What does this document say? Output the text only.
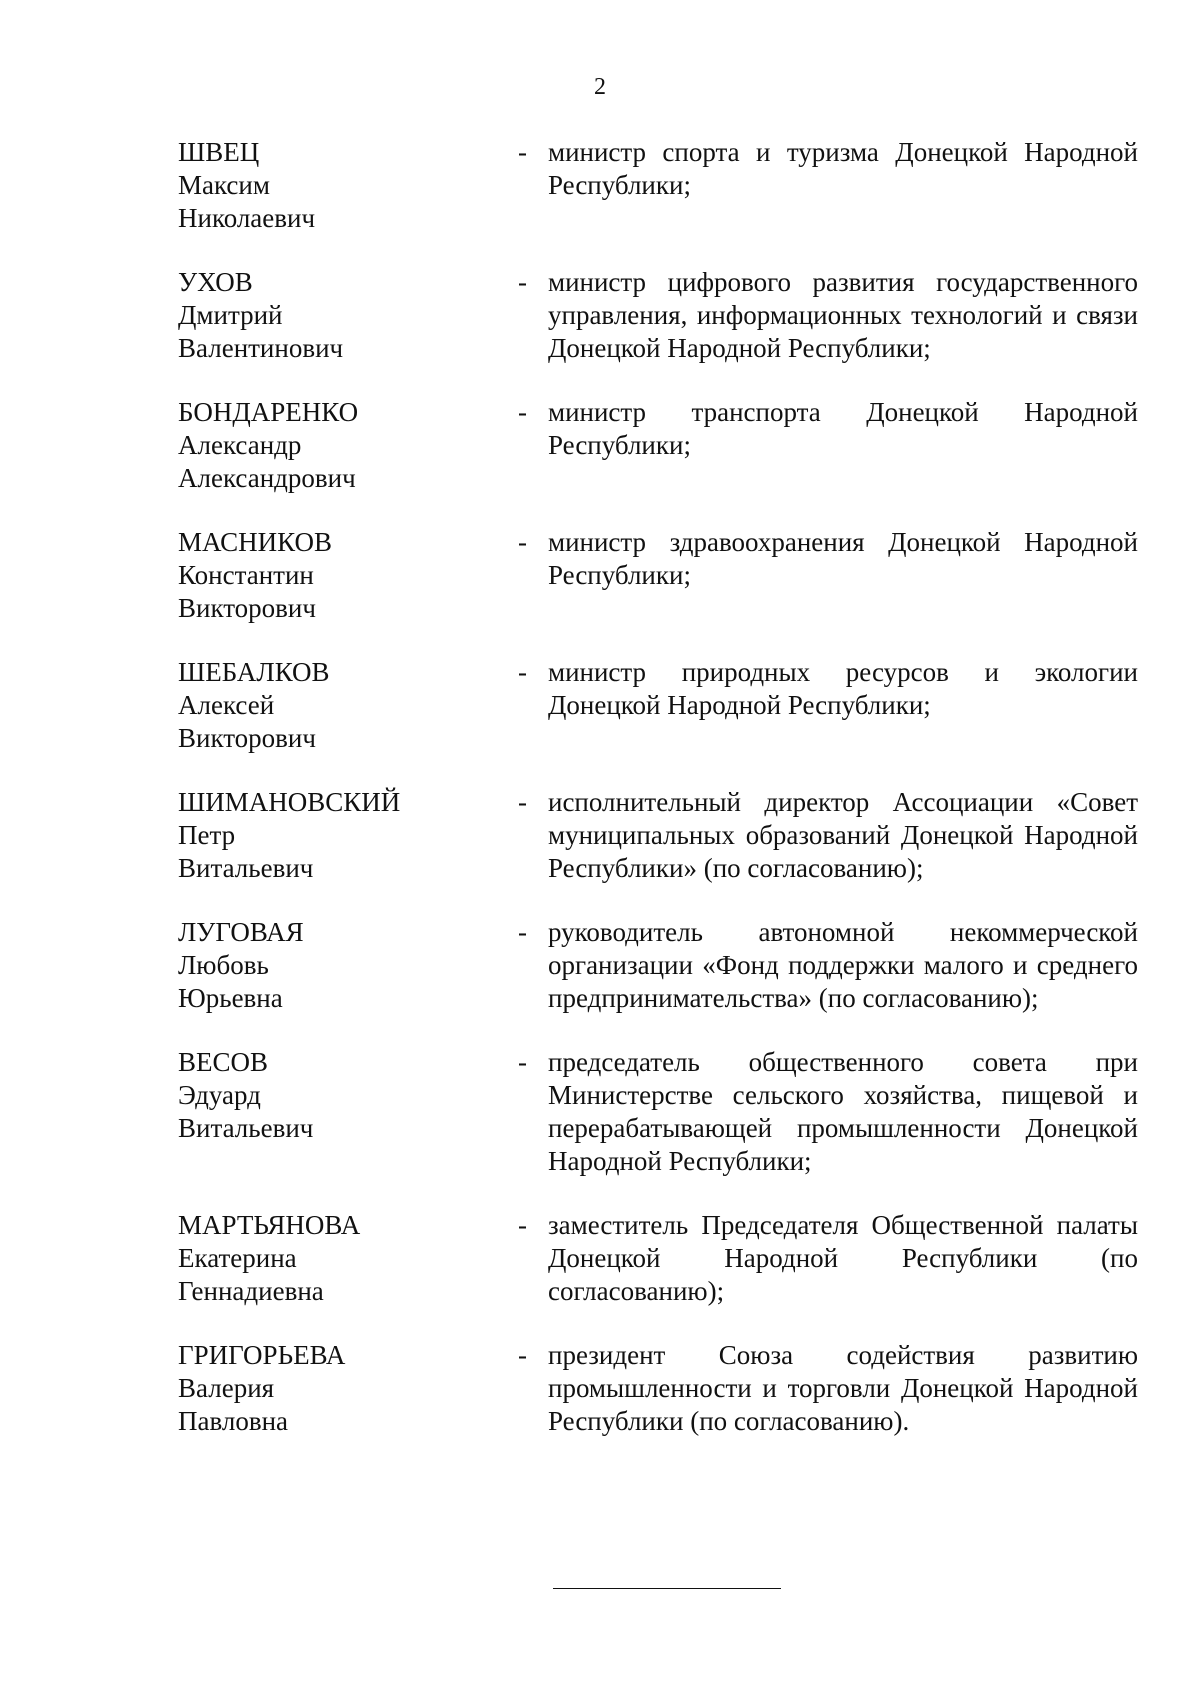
2
ШВЕЦ
Максим
Николаевич
- министр спорта и туризма Донецкой Народной Республики;
УХОВ
Дмитрий
Валентинович
- министр цифрового развития государственного управления, информационных технологий и связи Донецкой Народной Республики;
БОНДАРЕНКО
Александр
Александрович
- министр транспорта Донецкой Народной Республики;
МАСНИКОВ
Константин
Викторович
- министр здравоохранения Донецкой Народной Республики;
ШЕБАЛКОВ
Алексей
Викторович
- министр природных ресурсов и экологии Донецкой Народной Республики;
ШИМАНОВСКИЙ
Петр
Витальевич
- исполнительный директор Ассоциации «Совет муниципальных образований Донецкой Народной Республики» (по согласованию);
ЛУГОВАЯ
Любовь
Юрьевна
- руководитель автономной некоммерческой организации «Фонд поддержки малого и среднего предпринимательства» (по согласованию);
ВЕСОВ
Эдуард
Витальевич
- председатель общественного совета при Министерстве сельского хозяйства, пищевой и перерабатывающей промышленности Донецкой Народной Республики;
МАРТЬЯНОВА
Екатерина
Геннадиевна
- заместитель Председателя Общественной палаты Донецкой Народной Республики (по согласованию);
ГРИГОРЬЕВА
Валерия
Павловна
- президент Союза содействия развитию промышленности и торговли Донецкой Народной Республики (по согласованию).
